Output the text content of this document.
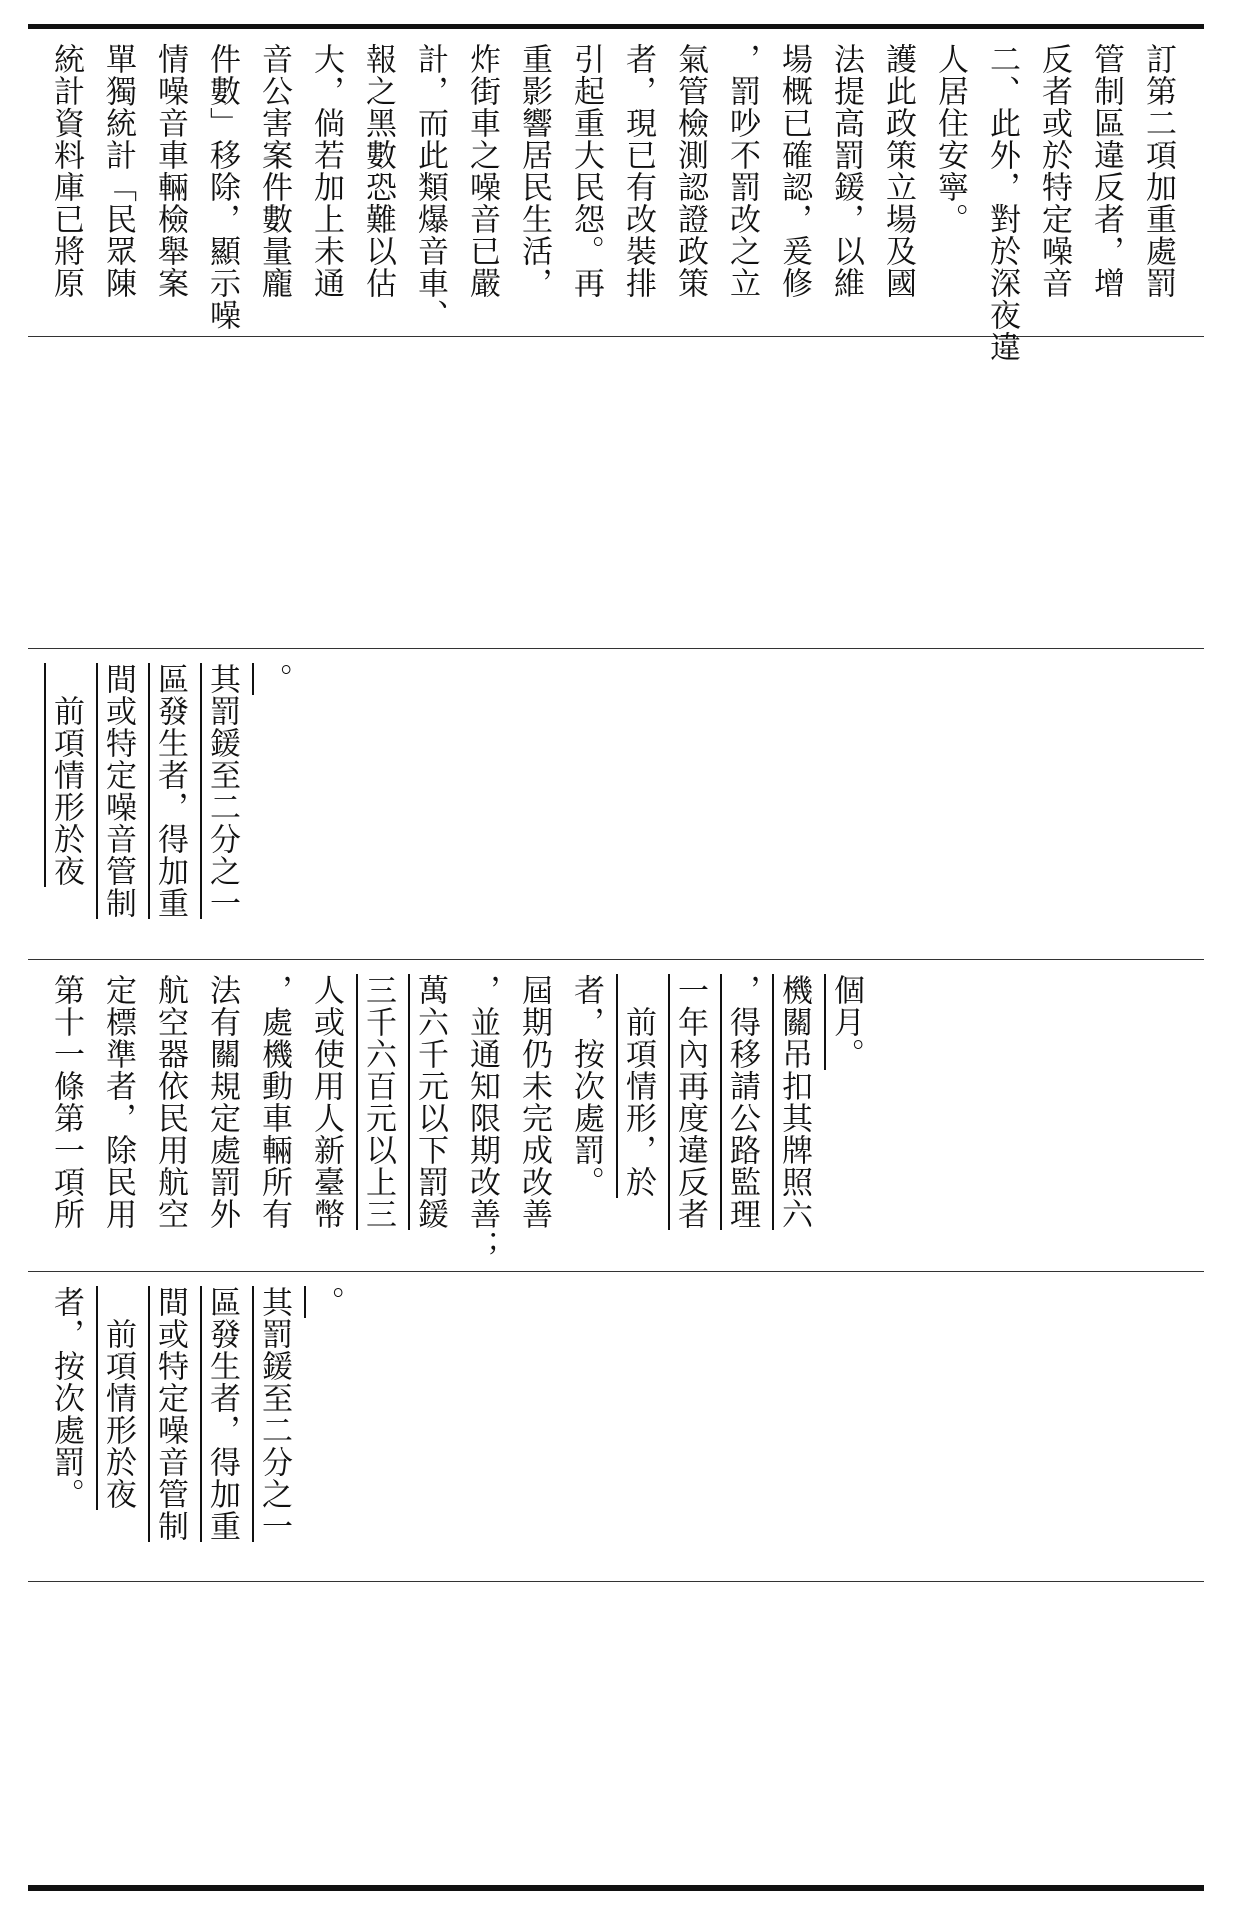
統計資料庫已將原 單獨統計「民眾陳 情噪音車輛檢舉案 件數」移除，顯示噪 音公害案件數量龐 大，倘若加上未通 報之黑數恐難以估 計，而此類爆音車、 炸街車之噪音已嚴 重影響居民生活， 引起重大民怨。再 者，現已有改裝排 氣管檢測認證政策 ，罰吵不罰改之立 場概已確認，爰修 法提高罰鍰，以維 護此政策立場及國 人居住安寧。 二、此外，對於深夜違 反者或於特定噪音 管制區違反者，增 訂第二項加重處罰
　前項情形於夜 間或特定噪音管制 區發生者，得加重 其罰鍰至二分之一 。
第十一條第一項所 定標準者，除民用 航空器依民用航空 法有關規定處罰外 ，處機動車輛所有 人或使用人新臺幣 三千六百元以上三 萬六千元以下罰鍰 ，並通知限期改善； 屆期仍未完成改善 者，按次處罰。 　前項情形，於 一年內再度違反者 ，得移請公路監理 機關吊扣其牌照六 個月。
者，按次處罰。 　前項情形於夜 間或特定噪音管制 區發生者，得加重 其罰鍰至二分之一 。
